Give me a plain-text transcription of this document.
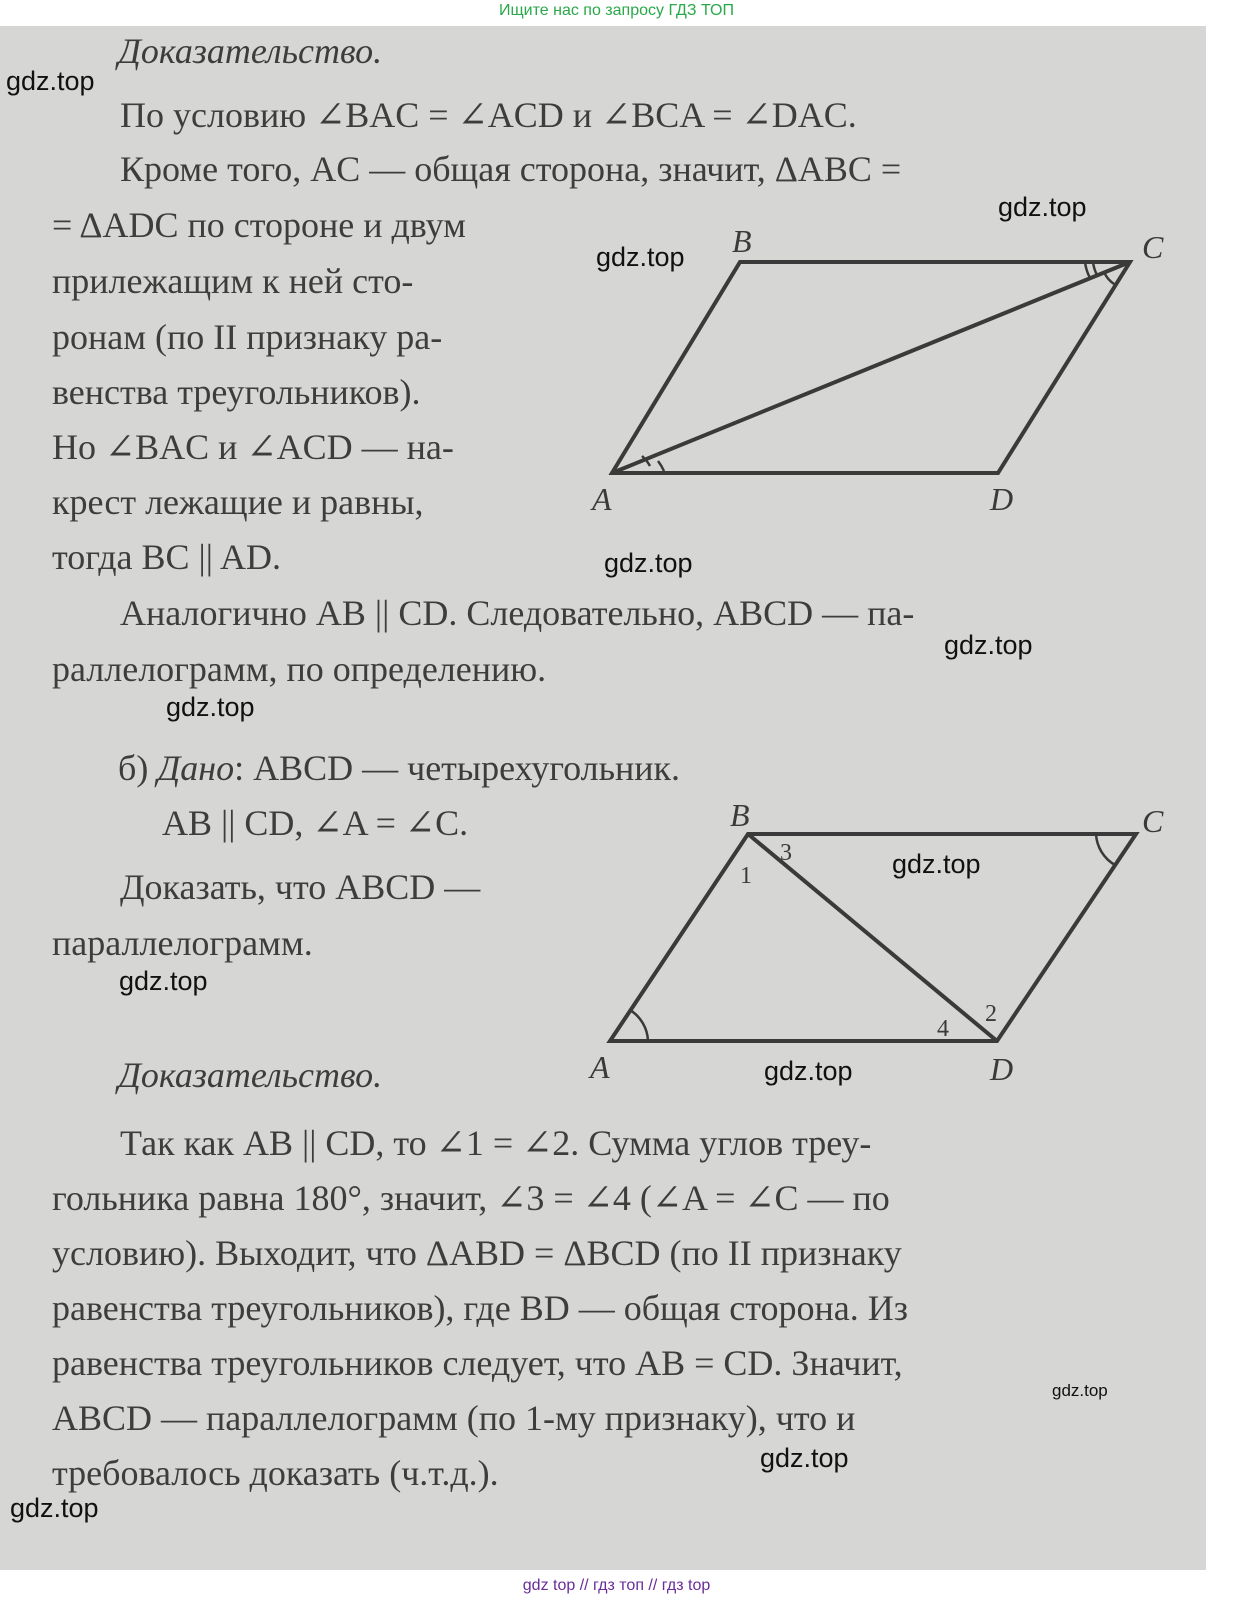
Ищите нас по запросу ГДЗ ТОП
Доказательство.
По условию ∠BAC = ∠ACD и ∠BCA = ∠DAC.
Кроме того, AC — общая сторона, значит, ΔABC =
= ΔADC по стороне и двум
прилежащим к ней сто-
ронам (по II признаку ра-
венства треугольников).
Но ∠BAC и ∠ACD — на-
крест лежащие и равны,
тогда BC || AD.
Аналогично AB || CD. Следовательно, ABCD — па-
раллелограмм, по определению.
б) Дано: ABCD — четырехугольник.
AB || CD, ∠A = ∠C.
Доказать, что ABCD —
параллелограмм.
Доказательство.
Так как AB || CD, то ∠1 = ∠2. Сумма углов треу-
гольника равна 180°, значит, ∠3 = ∠4 (∠A = ∠C — по
условию). Выходит, что ΔABD = ΔBCD (по II признаку
равенства треугольников), где BD — общая сторона. Из
равенства треугольников следует, что AB = CD. Значит,
ABCD — параллелограмм (по 1-му признаку), что и
требовалось доказать (ч.т.д.).
B	C
A	D
B	C
A	D
1
3
4
2
gdz.top
gdz.top
gdz.top
gdz.top
gdz.top
gdz.top
gdz.top
gdz.top
gdz.top
gdz.top
gdz.top
gdz.top
gdz top // гдз топ // гдз top
